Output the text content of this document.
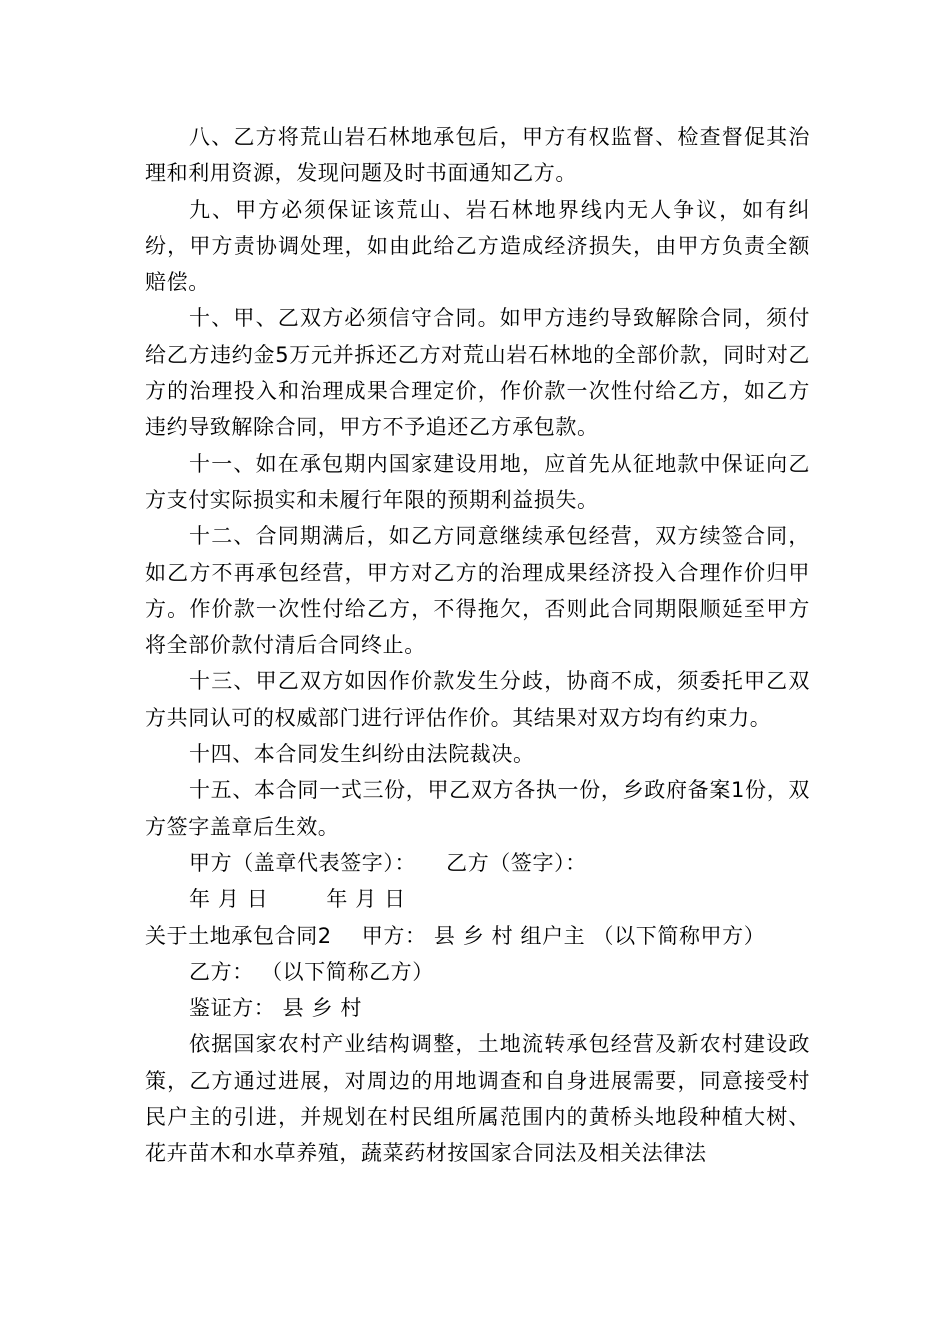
八、乙方将荒山岩石林地承包后，甲方有权监督、检查督促其治理和利用资源，发现问题及时书面通知乙方。

九、甲方必须保证该荒山、岩石林地界线内无人争议，如有纠纷，甲方责协调处理，如由此给乙方造成经济损失，由甲方负责全额赔偿。

十、甲、乙双方必须信守合同。如甲方违约导致解除合同，须付给乙方违约金5万元并拆还乙方对荒山岩石林地的全部价款，同时对乙方的治理投入和治理成果合理定价，作价款一次性付给乙方，如乙方违约导致解除合同，甲方不予追还乙方承包款。

十一、如在承包期内国家建设用地，应首先从征地款中保证向乙方支付实际损实和未履行年限的预期利益损失。

十二、合同期满后，如乙方同意继续承包经营，双方续签合同，如乙方不再承包经营，甲方对乙方的治理成果经济投入合理作价归甲方。作价款一次性付给乙方，不得拖欠，否则此合同期限顺延至甲方将全部价款付清后合同终止。

十三、甲乙双方如因作价款发生分歧，协商不成，须委托甲乙双方共同认可的权威部门进行评估作价。其结果对双方均有约束力。

十四、本合同发生纠纷由法院裁决。

十五、本合同一式三份，甲乙双方各执一份，乡政府备案1份，双方签字盖章后生效。

甲方（盖章代表签字）： 乙方（签字）：
年 月 日	年 月 日
关于土地承包合同2 甲方： 县 乡 村 组户主 （以下简称甲方）
乙方： （以下简称乙方）
鉴证方： 县 乡 村

依据国家农村产业结构调整，土地流转承包经营及新农村建设政策，乙方通过进展，对周边的用地调查和自身进展需要，同意接受村民户主的引进，并规划在村民组所属范围内的黄桥头地段种植大树、花卉苗木和水草养殖，蔬菜药材按国家合同法及相关法律法
